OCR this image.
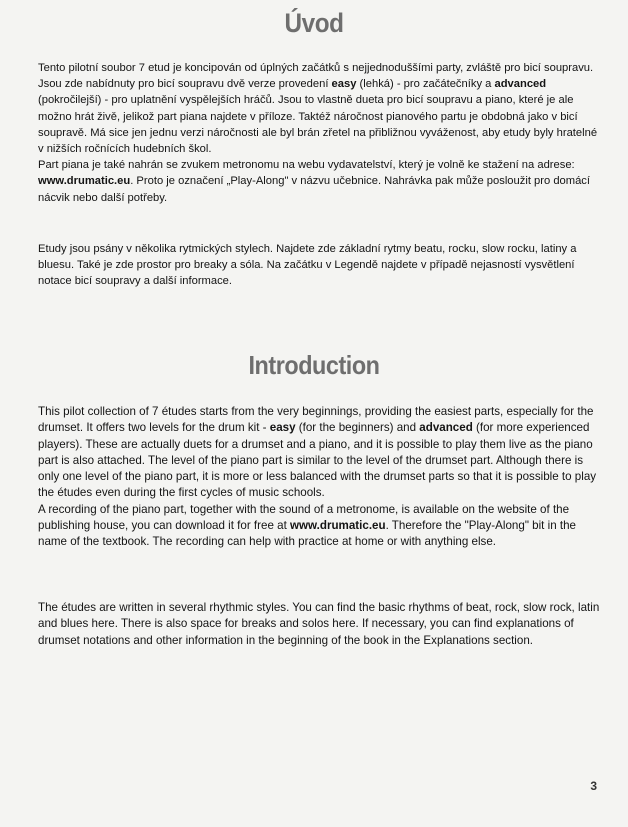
Úvod

Tento pilotní soubor 7 etud je koncipován od úplných začátků s nejjednoduššími party, zvláště pro bicí soupravu. Jsou zde nabídnuty pro bicí soupravu dvě verze provedení easy (lehká) - pro začátečníky a advanced (pokročilejší) - pro uplatnění vyspělejších hráčů. Jsou to vlastně dueta pro bicí soupravu a piano, které je ale možno hrát živě, jelikož part piana najdete v příloze. Taktéž náročnost pianového partu je obdobná jako v bicí soupravě. Má sice jen jednu verzi náročnosti ale byl brán zřetel na přibližnou vyváženost, aby etudy byly hratelné v nižších ročnících hudebních škol.
Part piana je také nahrán se zvukem metronomu na webu vydavatelství, který je volně ke stažení na adrese: www.drumatic.eu. Proto je označení „Play-Along" v názvu učebnice. Nahrávka pak může posloužit pro domácí nácvik nebo další potřeby.

Etudy jsou psány v několika rytmických stylech. Najdete zde základní rytmy beatu, rocku, slow rocku, latiny a bluesu. Také je zde prostor pro breaky a sóla. Na začátku v Legendě najdete v případě nejasností vysvětlení notace bicí soupravy a další informace.

Introduction

This pilot collection of 7 études starts from the very beginnings, providing the easiest parts, especially for the drumset. It offers two levels for the drum kit - easy (for the beginners) and advanced (for more experienced players). These are actually duets for a drumset and a piano, and it is possible to play them live as the piano part is also attached. The level of the piano part is similar to the level of the drumset part. Although there is only one level of the piano part, it is more or less balanced with the drumset parts so that it is possible to play the études even during the first cycles of music schools.
A recording of the piano part, together with the sound of a metronome, is available on the website of the publishing house, you can download it for free at www.drumatic.eu. Therefore the "Play-Along" bit in the name of the textbook. The recording can help with practice at home or with anything else.

The études are written in several rhythmic styles. You can find the basic rhythms of beat, rock, slow rock, latin and blues here. There is also space for breaks and solos here. If necessary, you can find explanations of drumset notations and other information in the beginning of the book in the Explanations section.

3
